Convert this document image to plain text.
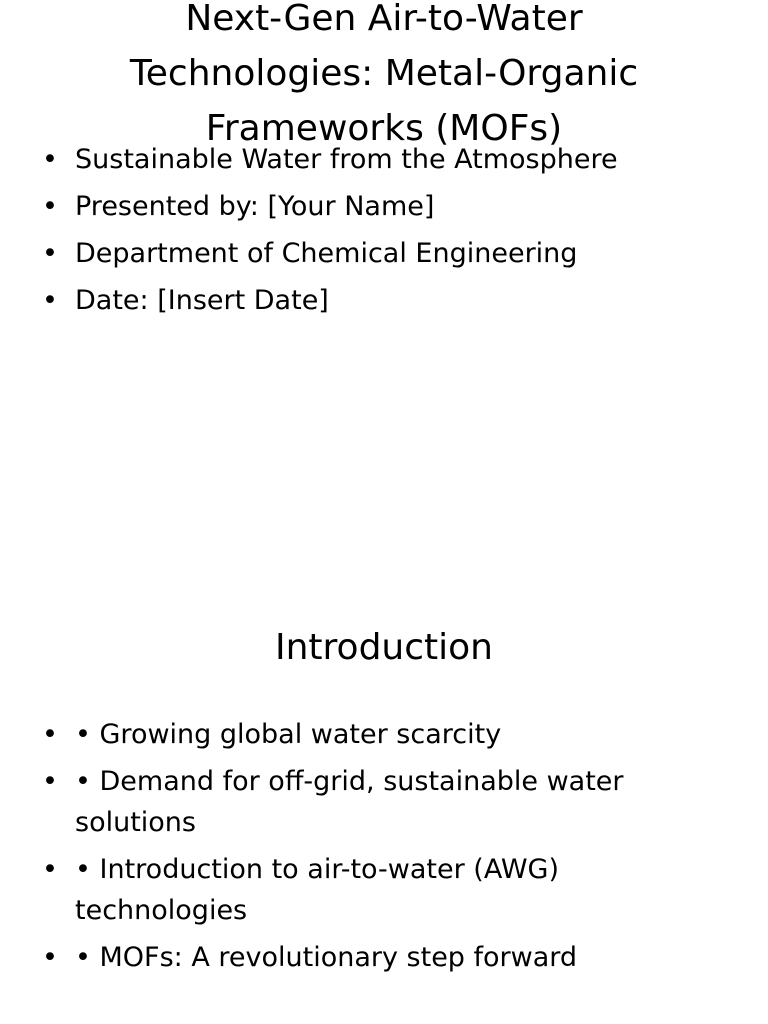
Next-Gen Air-to-Water Technologies: Metal-Organic Frameworks (MOFs)
• Sustainable Water from the Atmosphere
• Presented by: [Your Name]
• Department of Chemical Engineering
• Date: [Insert Date]
Introduction
• • Growing global water scarcity
• • Demand for off-grid, sustainable water solutions
• • Introduction to air-to-water (AWG) technologies
• • MOFs: A revolutionary step forward
